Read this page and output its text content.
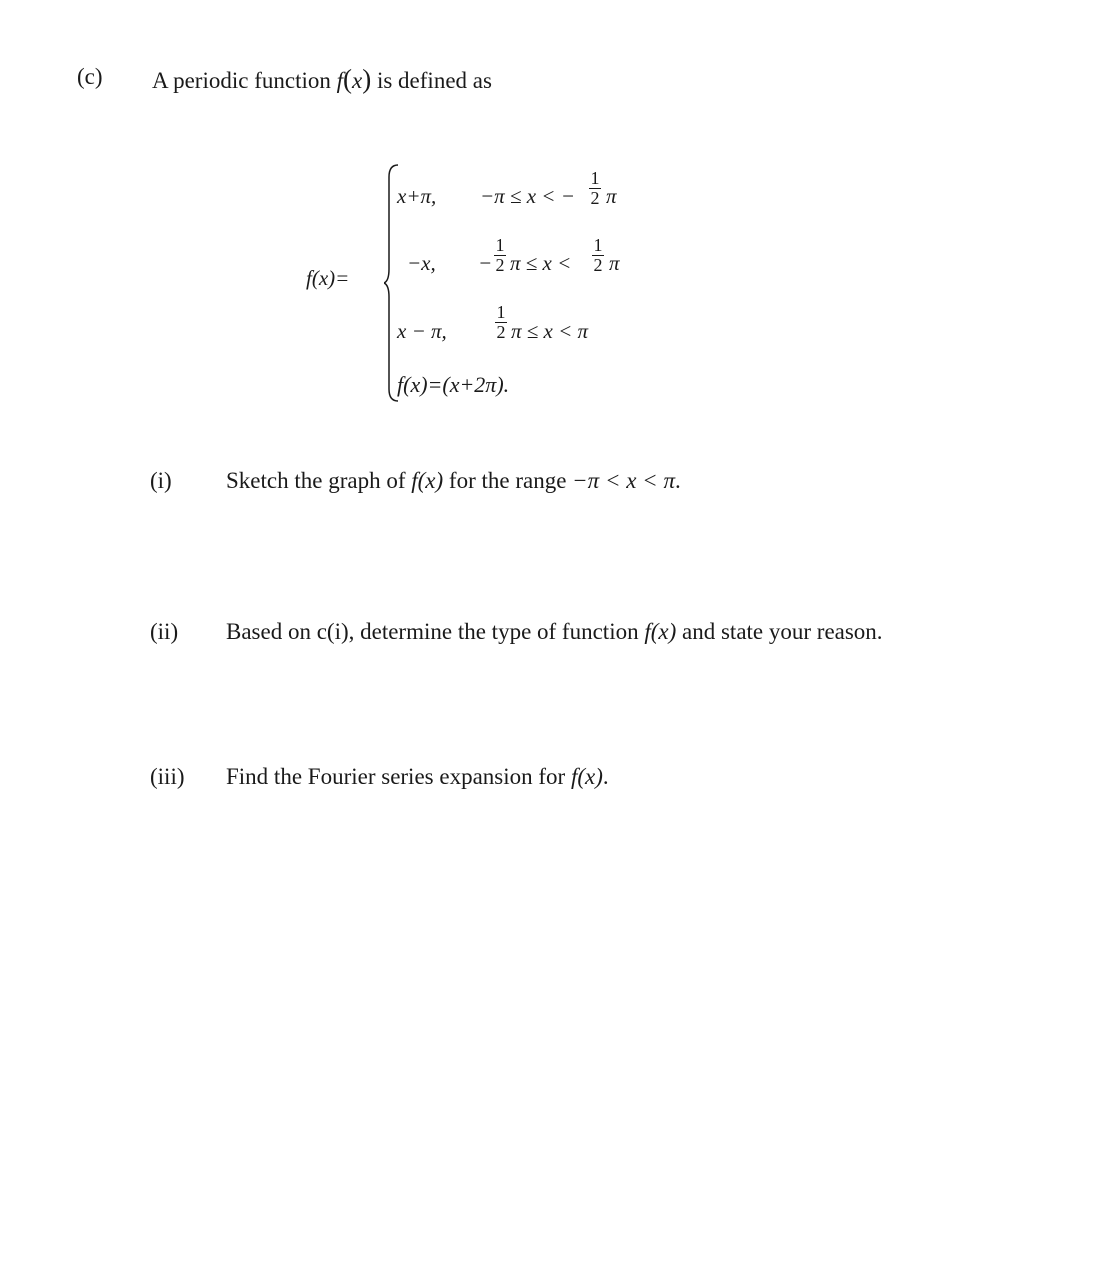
(c) A periodic function f(x) is defined as
f(x)=
x+π, −π ≤ x < −
1
2 π
−x, −
1
2 π ≤ x <
1
2 π
x − π,
1
2 π ≤ x < π
f(x)=(x+2π).
(i) Sketch the graph of f(x) for the range −π < x < π.
(ii) Based on c(i), determine the type of function f(x) and state your reason.
(iii) Find the Fourier series expansion for f(x).
